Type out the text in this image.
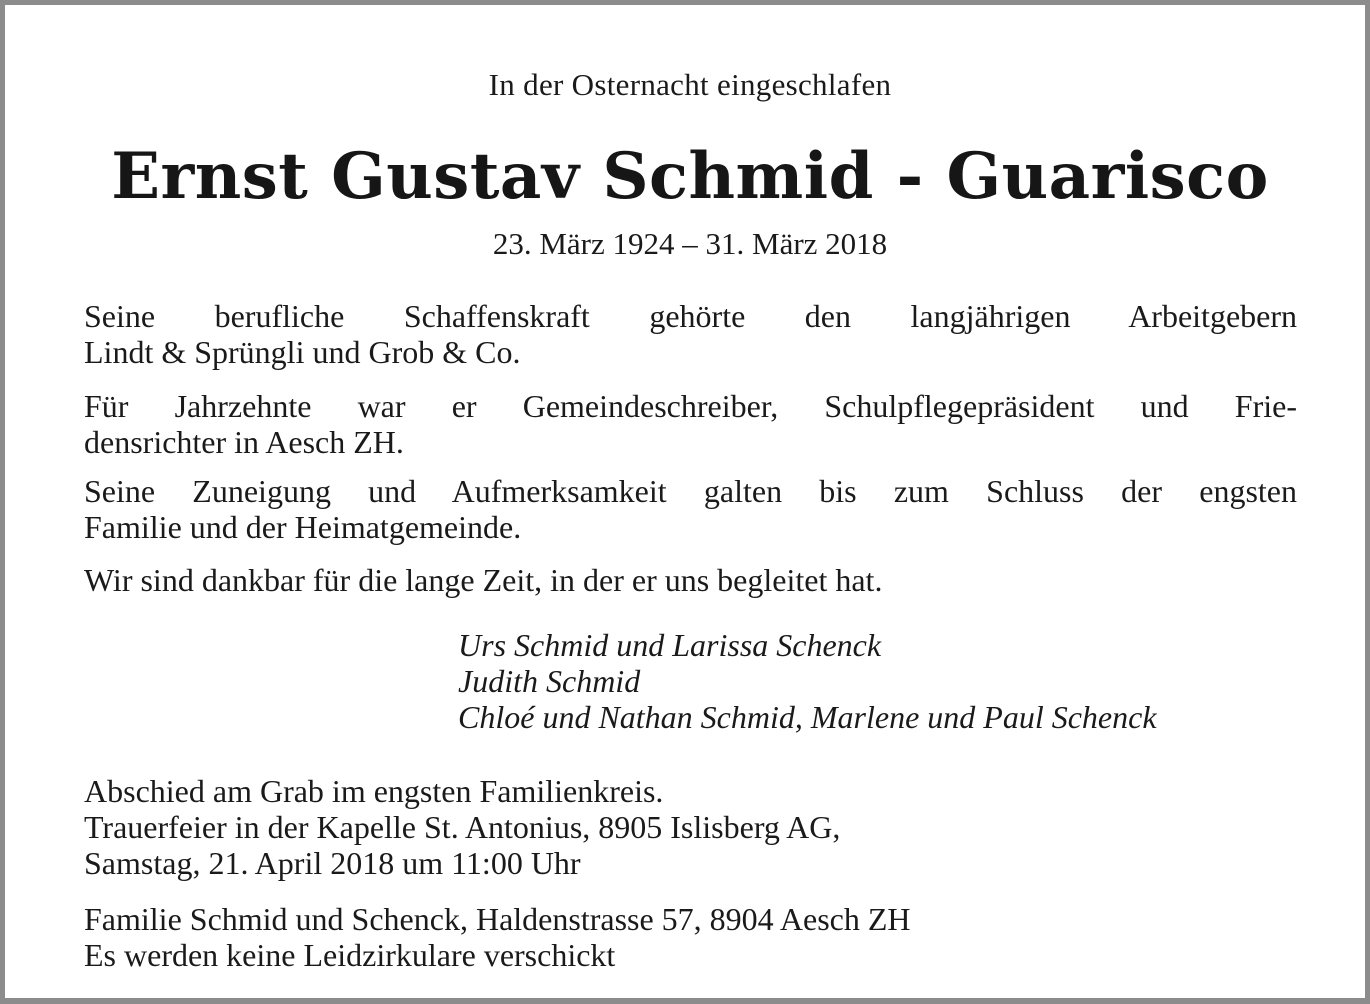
In der Osternacht eingeschlafen
Ernst Gustav Schmid - Guarisco
23. März 1924 – 31. März 2018
Seine berufliche Schaffenskraft gehörte den langjährigen Arbeitgebern
Lindt & Sprüngli und Grob & Co.
Für Jahrzehnte war er Gemeindeschreiber, Schulpflegepräsident und Frie-
densrichter in Aesch ZH.
Seine Zuneigung und Aufmerksamkeit galten bis zum Schluss der engsten
Familie und der Heimatgemeinde.
Wir sind dankbar für die lange Zeit, in der er uns begleitet hat.
Urs Schmid und Larissa Schenck
Judith Schmid
Chloé und Nathan Schmid, Marlene und Paul Schenck
Abschied am Grab im engsten Familienkreis.
Trauerfeier in der Kapelle St. Antonius, 8905 Islisberg AG,
Samstag, 21. April 2018 um 11:00 Uhr
Familie Schmid und Schenck, Haldenstrasse 57, 8904 Aesch ZH
Es werden keine Leidzirkulare verschickt
